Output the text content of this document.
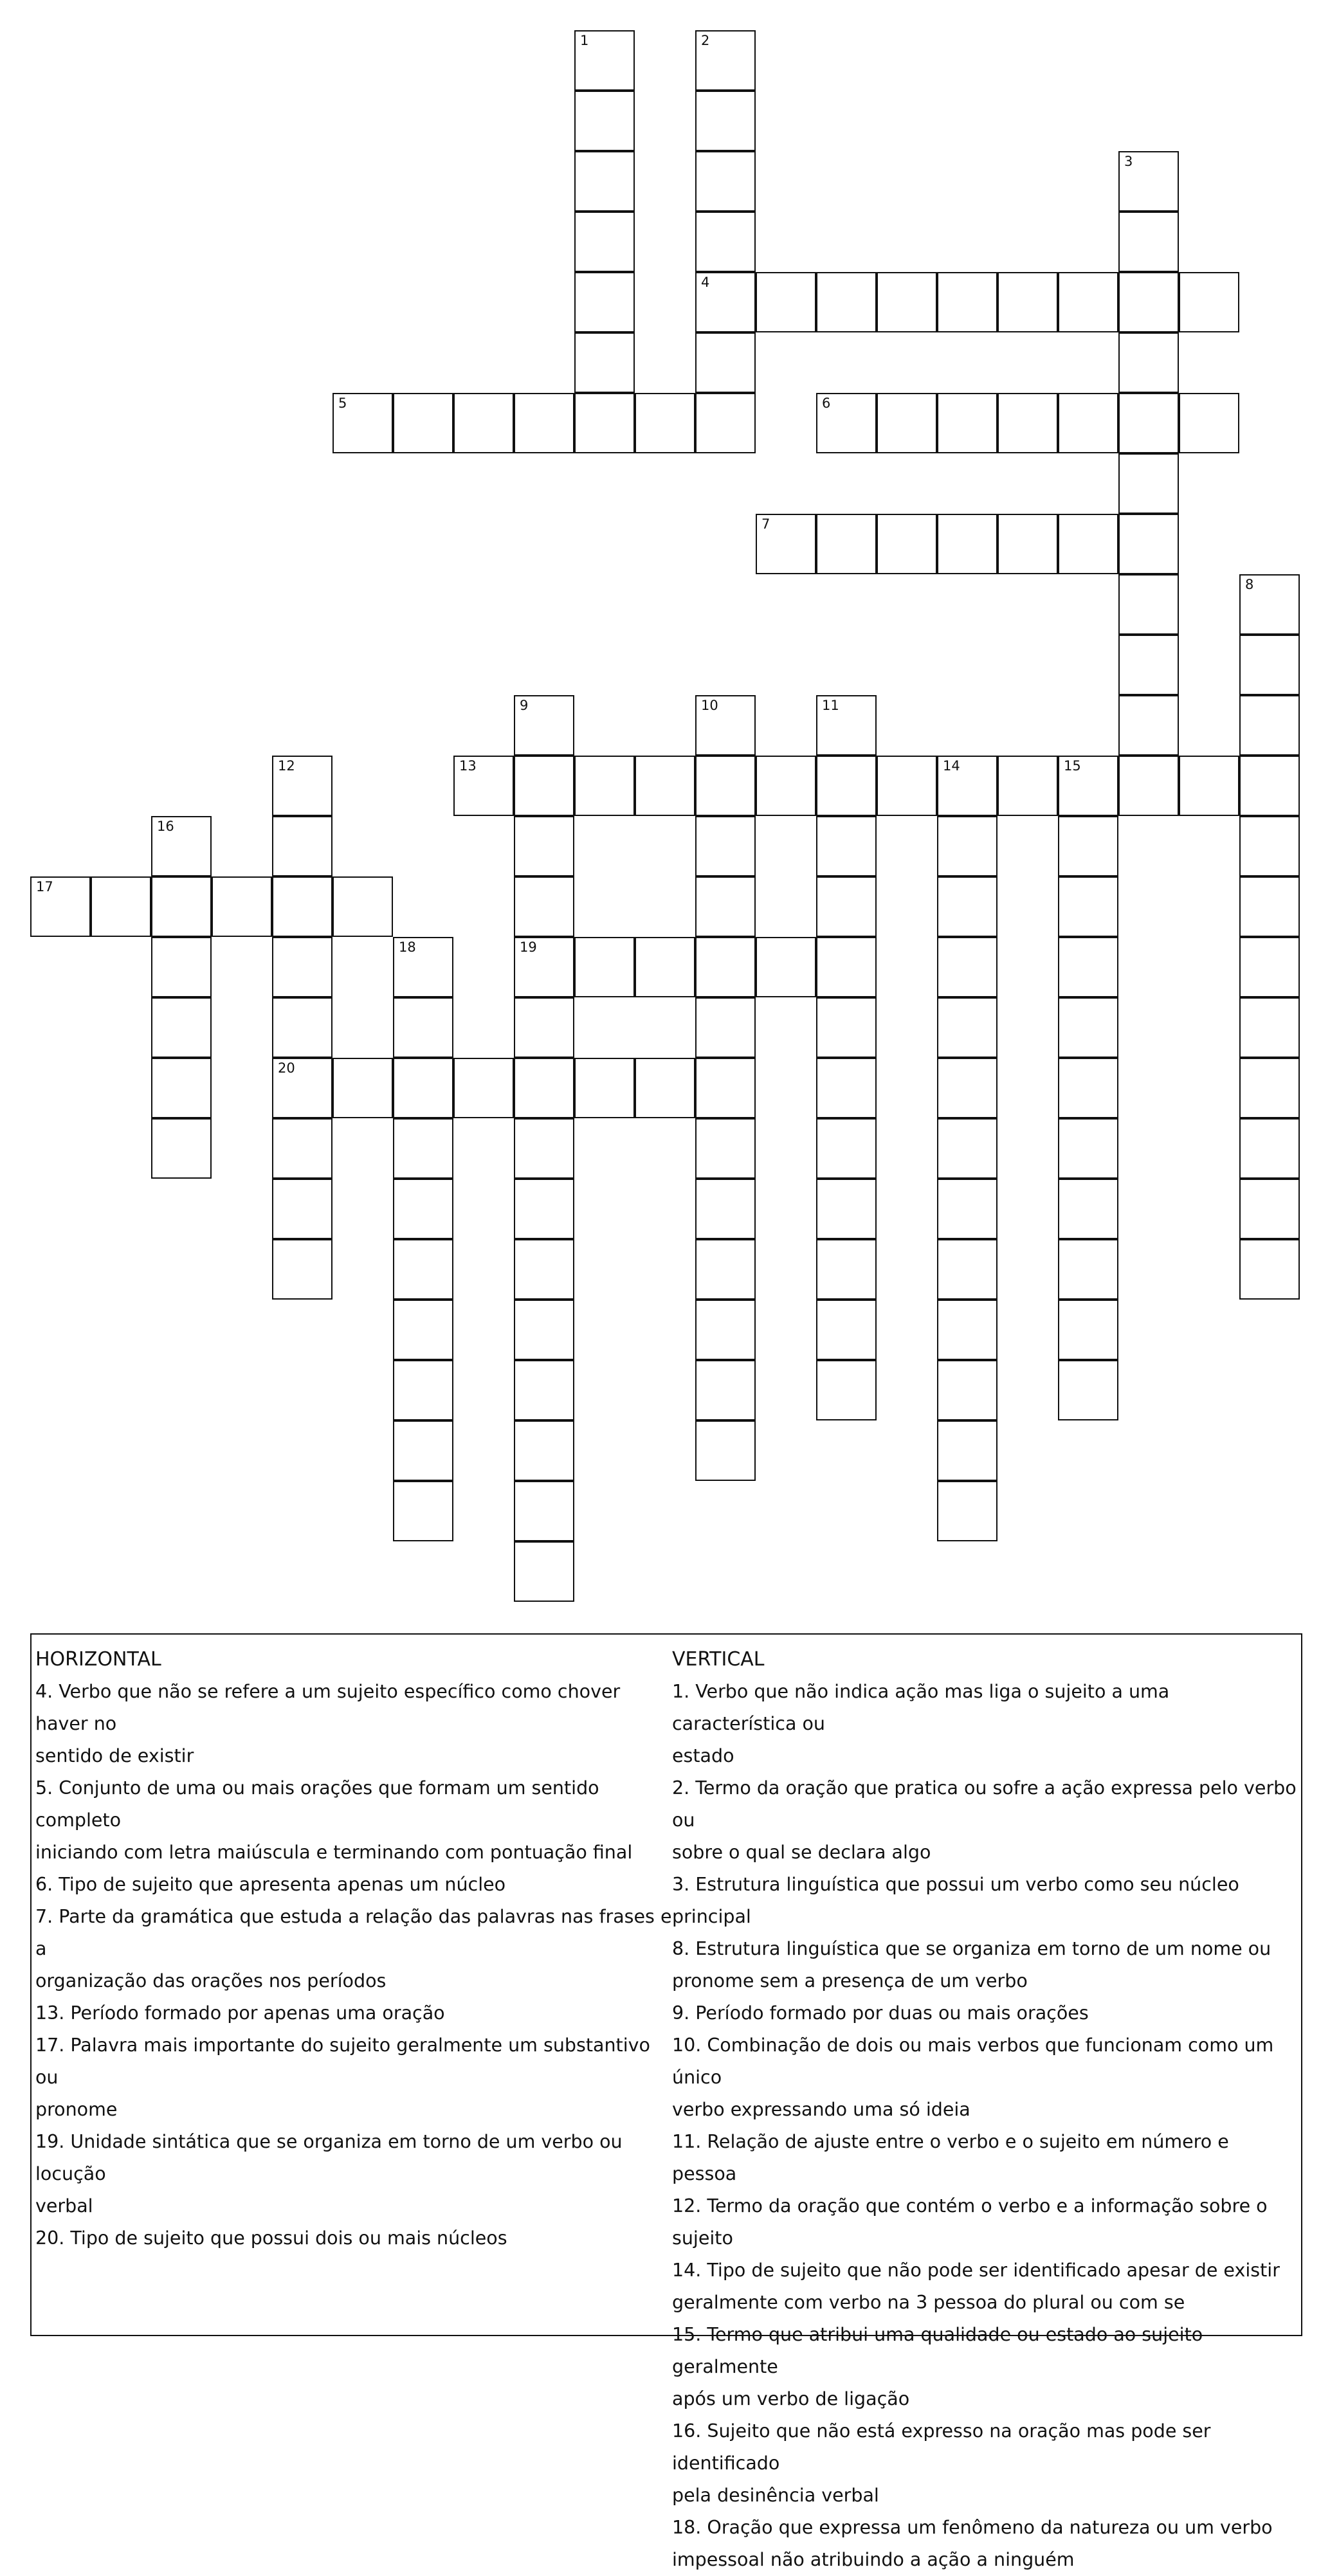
1	2
4
3
5	6
7
8
9
19
10	11
12
20
13	14	15
16
17
18
HORIZONTAL
4. Verbo que não se refere a um sujeito específico como chover haver no
sentido de existir
5. Conjunto de uma ou mais orações que formam um sentido completo
iniciando com letra maiúscula e terminando com pontuação final
6. Tipo de sujeito que apresenta apenas um núcleo
7. Parte da gramática que estuda a relação das palavras nas frases e a
organização das orações nos períodos
13. Período formado por apenas uma oração
17. Palavra mais importante do sujeito geralmente um substantivo ou
pronome
19. Unidade sintática que se organiza em torno de um verbo ou locução
verbal
20. Tipo de sujeito que possui dois ou mais núcleos
VERTICAL
1. Verbo que não indica ação mas liga o sujeito a uma característica ou
estado
2. Termo da oração que pratica ou sofre a ação expressa pelo verbo ou
sobre o qual se declara algo
3. Estrutura linguística que possui um verbo como seu núcleo principal
8. Estrutura linguística que se organiza em torno de um nome ou
pronome sem a presença de um verbo
9. Período formado por duas ou mais orações
10. Combinação de dois ou mais verbos que funcionam como um único
verbo expressando uma só ideia
11. Relação de ajuste entre o verbo e o sujeito em número e pessoa
12. Termo da oração que contém o verbo e a informação sobre o sujeito
14. Tipo de sujeito que não pode ser identificado apesar de existir
geralmente com verbo na 3 pessoa do plural ou com se
15. Termo que atribui uma qualidade ou estado ao sujeito geralmente
após um verbo de ligação
16. Sujeito que não está expresso na oração mas pode ser identificado
pela desinência verbal
18. Oração que expressa um fenômeno da natureza ou um verbo
impessoal não atribuindo a ação a ninguém
